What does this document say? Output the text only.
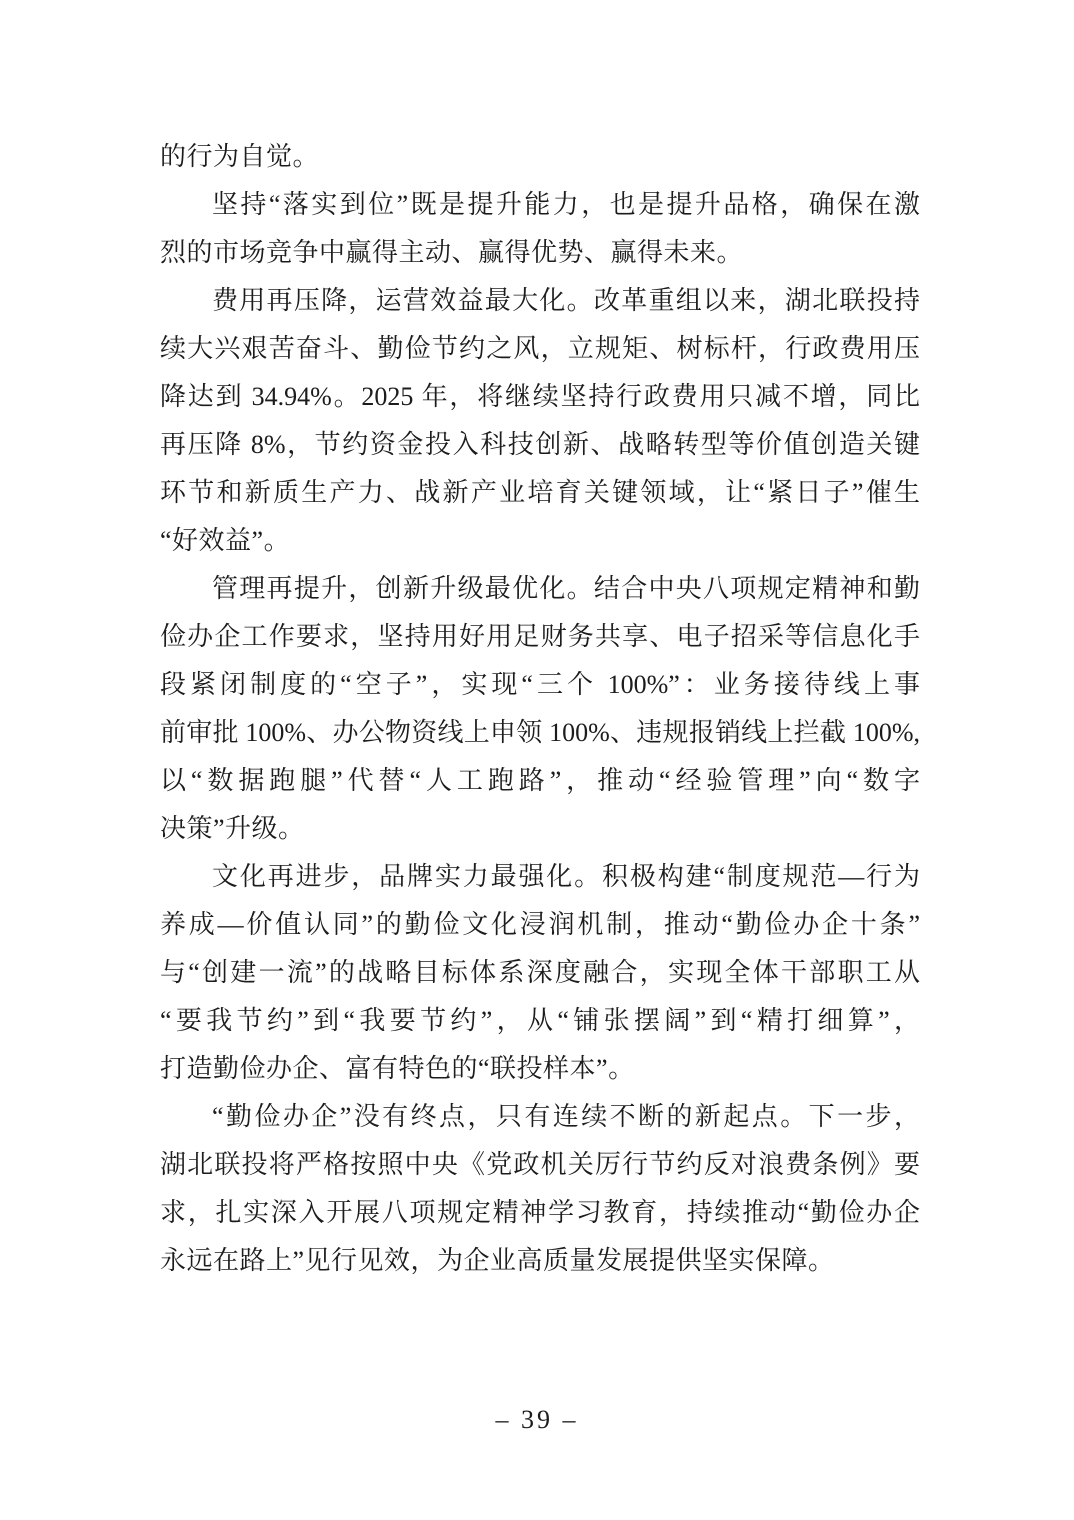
的行为自觉。
坚持“落实到位”既是提升能力，也是提升品格，确保在激
烈的市场竞争中赢得主动、赢得优势、赢得未来。
费用再压降，运营效益最大化。改革重组以来，湖北联投持
续大兴艰苦奋斗、勤俭节约之风，立规矩、树标杆，行政费用压
降达到 34.94%。2025 年，将继续坚持行政费用只减不增，同比
再压降 8%，节约资金投入科技创新、战略转型等价值创造关键
环节和新质生产力、战新产业培育关键领域，让“紧日子”催生
“好效益”。
管理再提升，创新升级最优化。结合中央八项规定精神和勤
俭办企工作要求，坚持用好用足财务共享、电子招采等信息化手
段紧闭制度的“空子”，实现“三个 100%”：业务接待线上事
前审批 100%、办公物资线上申领 100%、违规报销线上拦截 100%,
以“数据跑腿”代替“人工跑路”，推动“经验管理”向“数字
决策”升级。
文化再进步，品牌实力最强化。积极构建“制度规范—行为
养成—价值认同”的勤俭文化浸润机制，推动“勤俭办企十条”
与“创建一流”的战略目标体系深度融合，实现全体干部职工从
“要我节约”到“我要节约”，从“铺张摆阔”到“精打细算”，
打造勤俭办企、富有特色的“联投样本”。
“勤俭办企”没有终点，只有连续不断的新起点。下一步，
湖北联投将严格按照中央《党政机关厉行节约反对浪费条例》要
求，扎实深入开展八项规定精神学习教育，持续推动“勤俭办企
永远在路上”见行见效，为企业高质量发展提供坚实保障。
– 39 –
